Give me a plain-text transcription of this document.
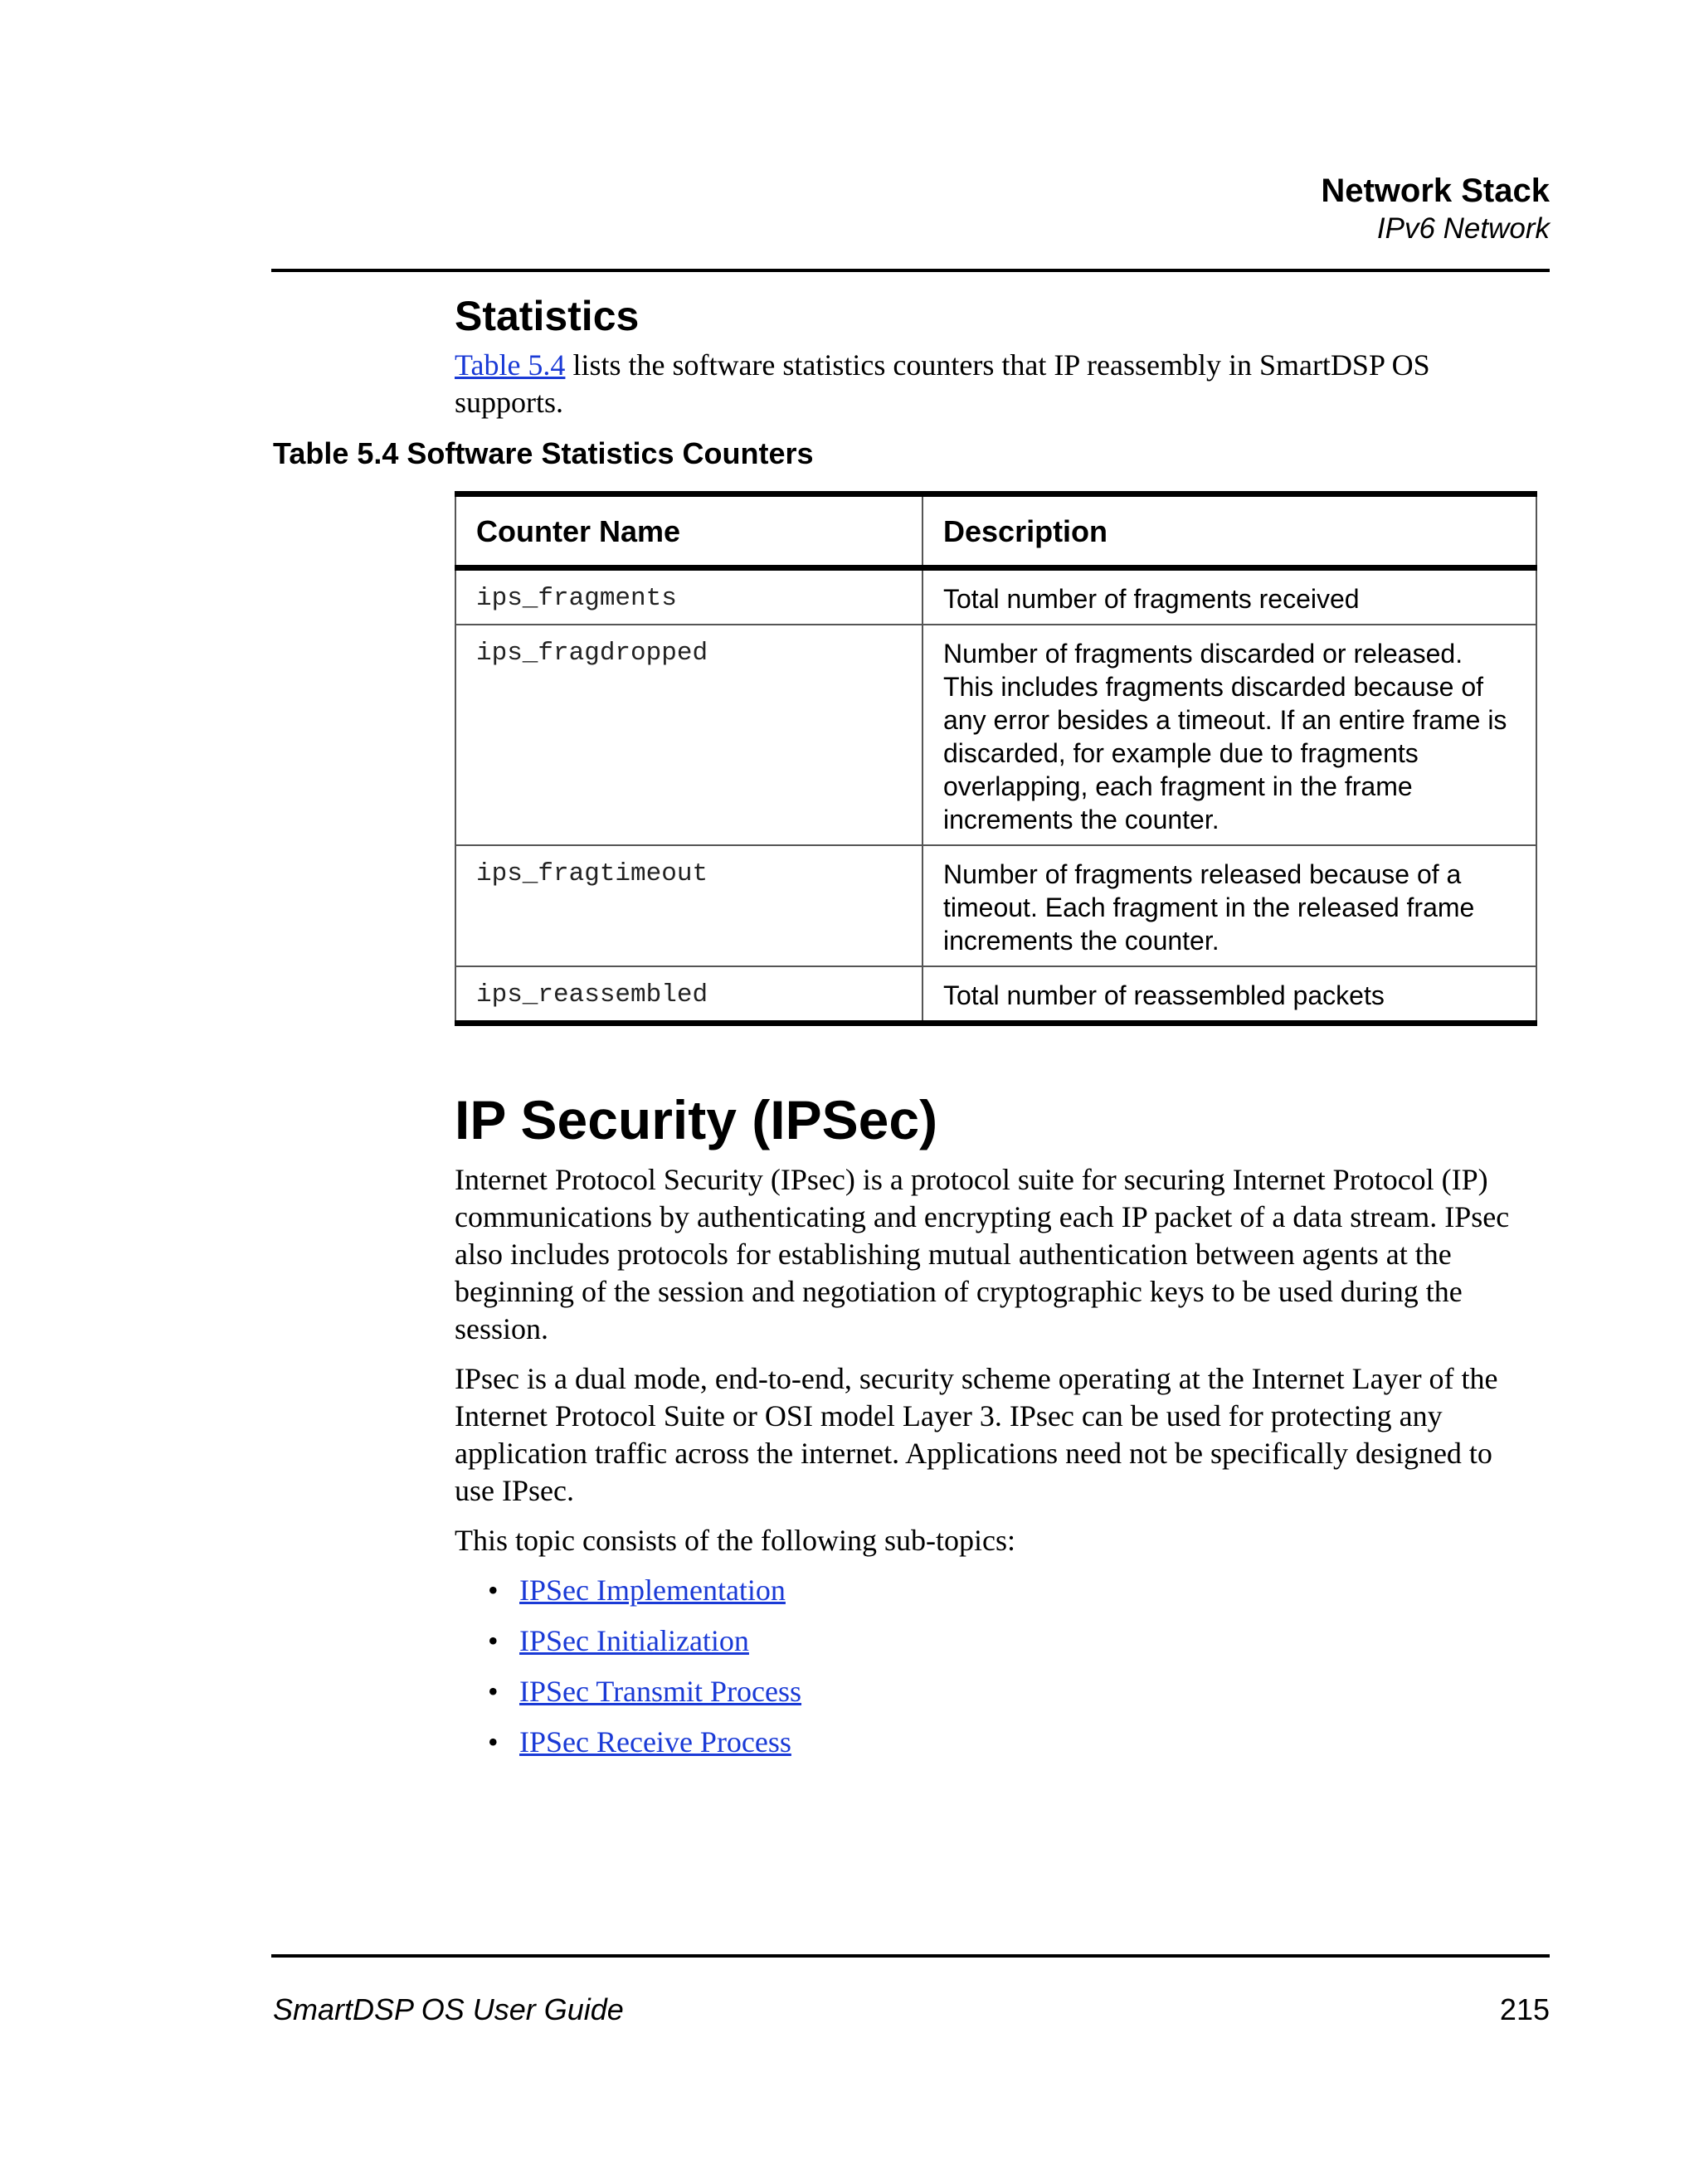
Network Stack
IPv6 Network
Statistics

Table 5.4 lists the software statistics counters that IP reassembly in SmartDSP OS supports.

Table 5.4 Software Statistics Counters
Counter Name	Description
ips_fragments	Total number of fragments received
ips_fragdropped	Number of fragments discarded or released. This includes fragments discarded because of any error besides a timeout. If an entire frame is discarded, for example due to fragments overlapping, each fragment in the frame increments the counter.
ips_fragtimeout	Number of fragments released because of a timeout. Each fragment in the released frame increments the counter.
ips_reassembled	Total number of reassembled packets
IP Security (IPSec)

Internet Protocol Security (IPsec) is a protocol suite for securing Internet Protocol (IP) communications by authenticating and encrypting each IP packet of a data stream. IPsec also includes protocols for establishing mutual authentication between agents at the beginning of the session and negotiation of cryptographic keys to be used during the session.

IPsec is a dual mode, end-to-end, security scheme operating at the Internet Layer of the Internet Protocol Suite or OSI model Layer 3. IPsec can be used for protecting any application traffic across the internet. Applications need not be specifically designed to use IPsec.

This topic consists of the following sub-topics:

• IPSec Implementation
• IPSec Initialization
• IPSec Transmit Process
• IPSec Receive Process
SmartDSP OS User Guide	215
